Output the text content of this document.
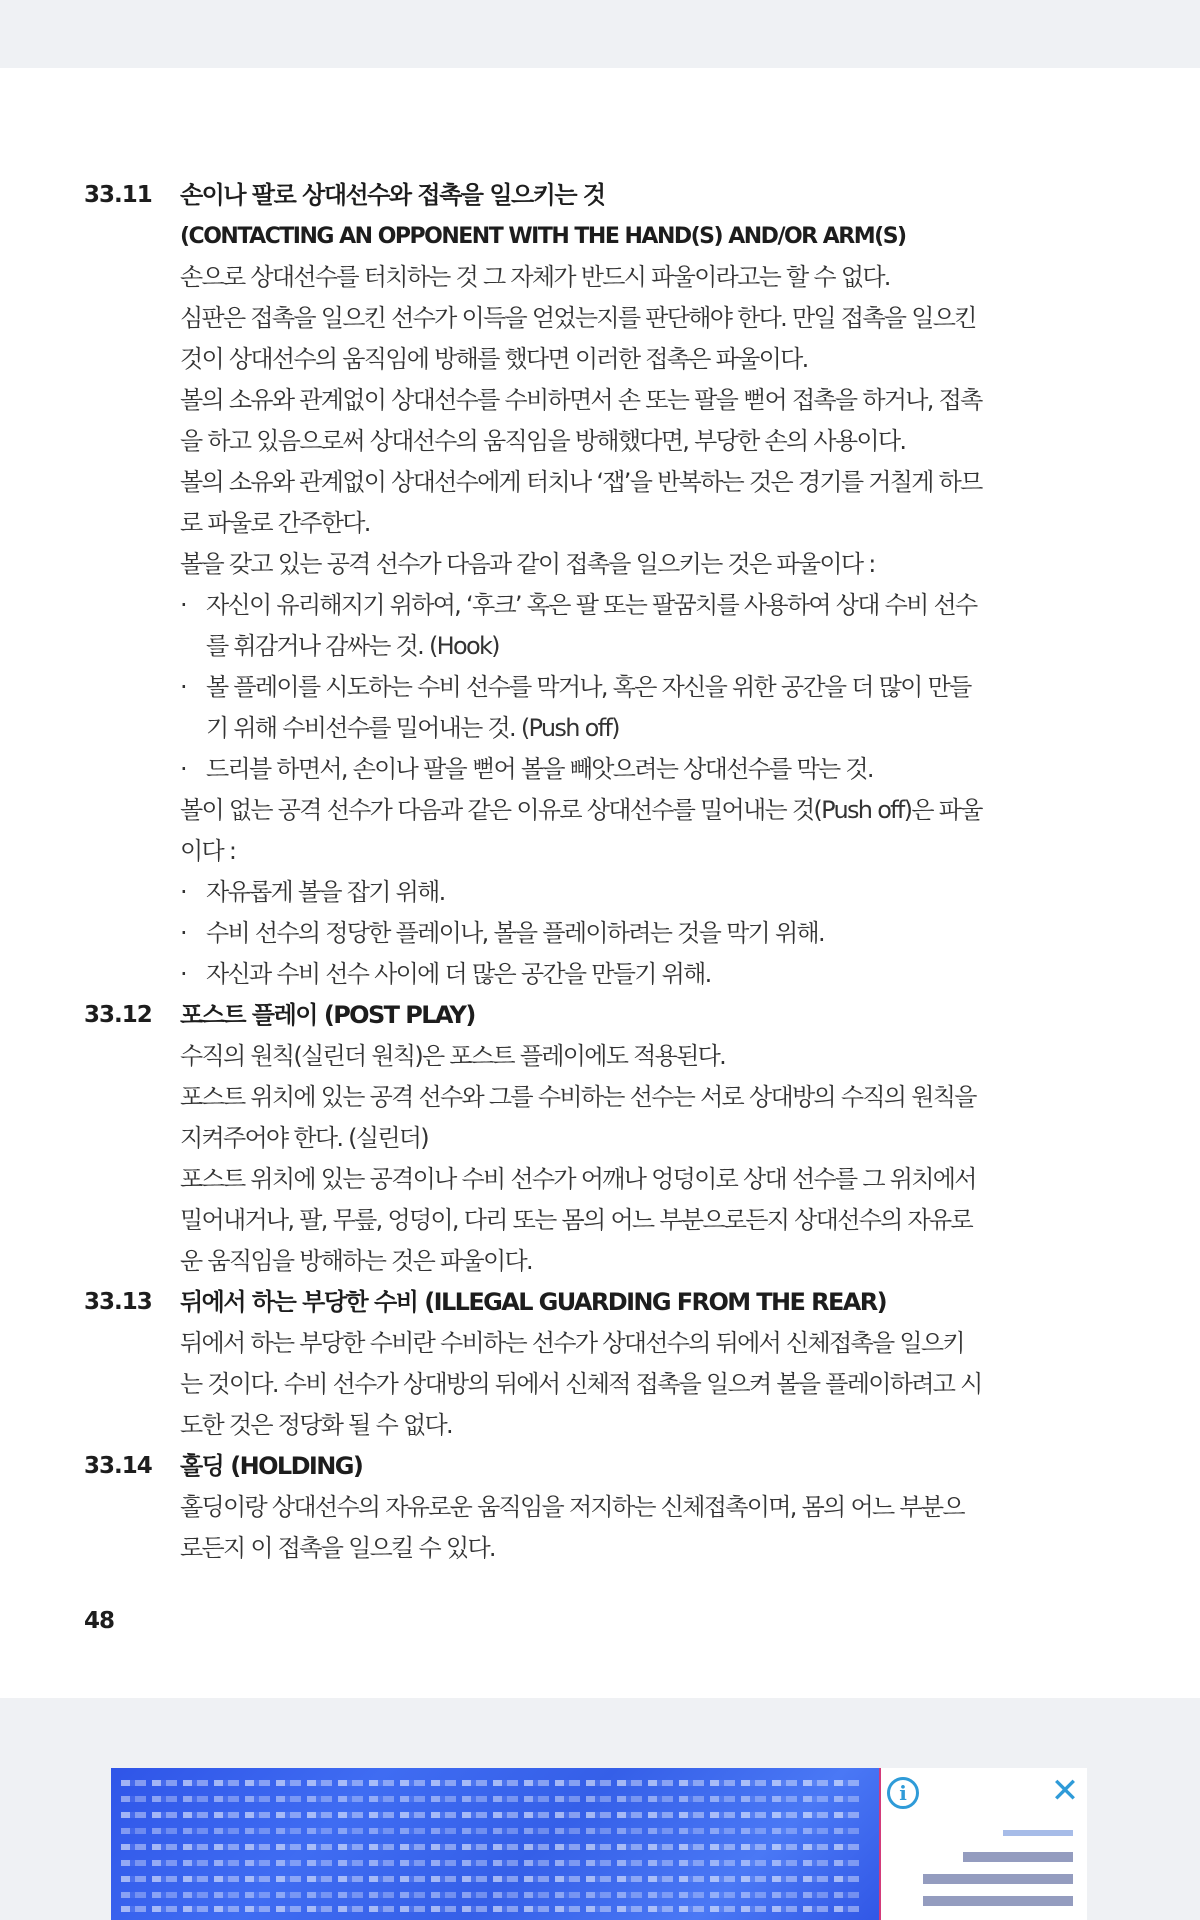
33.11	손이나 팔로 상대선수와 접촉을 일으키는 것
(CONTACTING AN OPPONENT WITH THE HAND(S) AND/OR ARM(S)
손으로 상대선수를 터치하는 것 그 자체가 반드시 파울이라고는 할 수 없다.
심판은 접촉을 일으킨 선수가 이득을 얻었는지를 판단해야 한다. 만일 접촉을 일으킨
것이 상대선수의 움직임에 방해를 했다면 이러한 접촉은 파울이다.
볼의 소유와 관계없이 상대선수를 수비하면서 손 또는 팔을 뻗어 접촉을 하거나, 접촉
을 하고 있음으로써 상대선수의 움직임을 방해했다면, 부당한 손의 사용이다.
볼의 소유와 관계없이 상대선수에게 터치나 ‘잽’을 반복하는 것은 경기를 거칠게 하므
로 파울로 간주한다.
볼을 갖고 있는 공격 선수가 다음과 같이 접촉을 일으키는 것은 파울이다 :
· 자신이 유리해지기 위하여, ‘후크’ 혹은 팔 또는 팔꿈치를 사용하여 상대 수비 선수
를 휘감거나 감싸는 것. (Hook)
· 볼 플레이를 시도하는 수비 선수를 막거나, 혹은 자신을 위한 공간을 더 많이 만들
기 위해 수비선수를 밀어내는 것. (Push off)
· 드리블 하면서, 손이나 팔을 뻗어 볼을 빼앗으려는 상대선수를 막는 것.
볼이 없는 공격 선수가 다음과 같은 이유로 상대선수를 밀어내는 것(Push off)은 파울
이다 :
· 자유롭게 볼을 잡기 위해.
· 수비 선수의 정당한 플레이나, 볼을 플레이하려는 것을 막기 위해.
· 자신과 수비 선수 사이에 더 많은 공간을 만들기 위해.
33.12	포스트 플레이 (POST PLAY)
수직의 원칙(실린더 원칙)은 포스트 플레이에도 적용된다.
포스트 위치에 있는 공격 선수와 그를 수비하는 선수는 서로 상대방의 수직의 원칙을
지켜주어야 한다. (실린더)
포스트 위치에 있는 공격이나 수비 선수가 어깨나 엉덩이로 상대 선수를 그 위치에서
밀어내거나, 팔, 무릎, 엉덩이, 다리 또는 몸의 어느 부분으로든지 상대선수의 자유로
운 움직임을 방해하는 것은 파울이다.
33.13	뒤에서 하는 부당한 수비 (ILLEGAL GUARDING FROM THE REAR)
뒤에서 하는 부당한 수비란 수비하는 선수가 상대선수의 뒤에서 신체접촉을 일으키
는 것이다. 수비 선수가 상대방의 뒤에서 신체적 접촉을 일으켜 볼을 플레이하려고 시
도한 것은 정당화 될 수 없다.
33.14	홀딩 (HOLDING)
홀딩이랑 상대선수의 자유로운 움직임을 저지하는 신체접촉이며, 몸의 어느 부분으
로든지 이 접촉을 일으킬 수 있다.
48
i	✕
